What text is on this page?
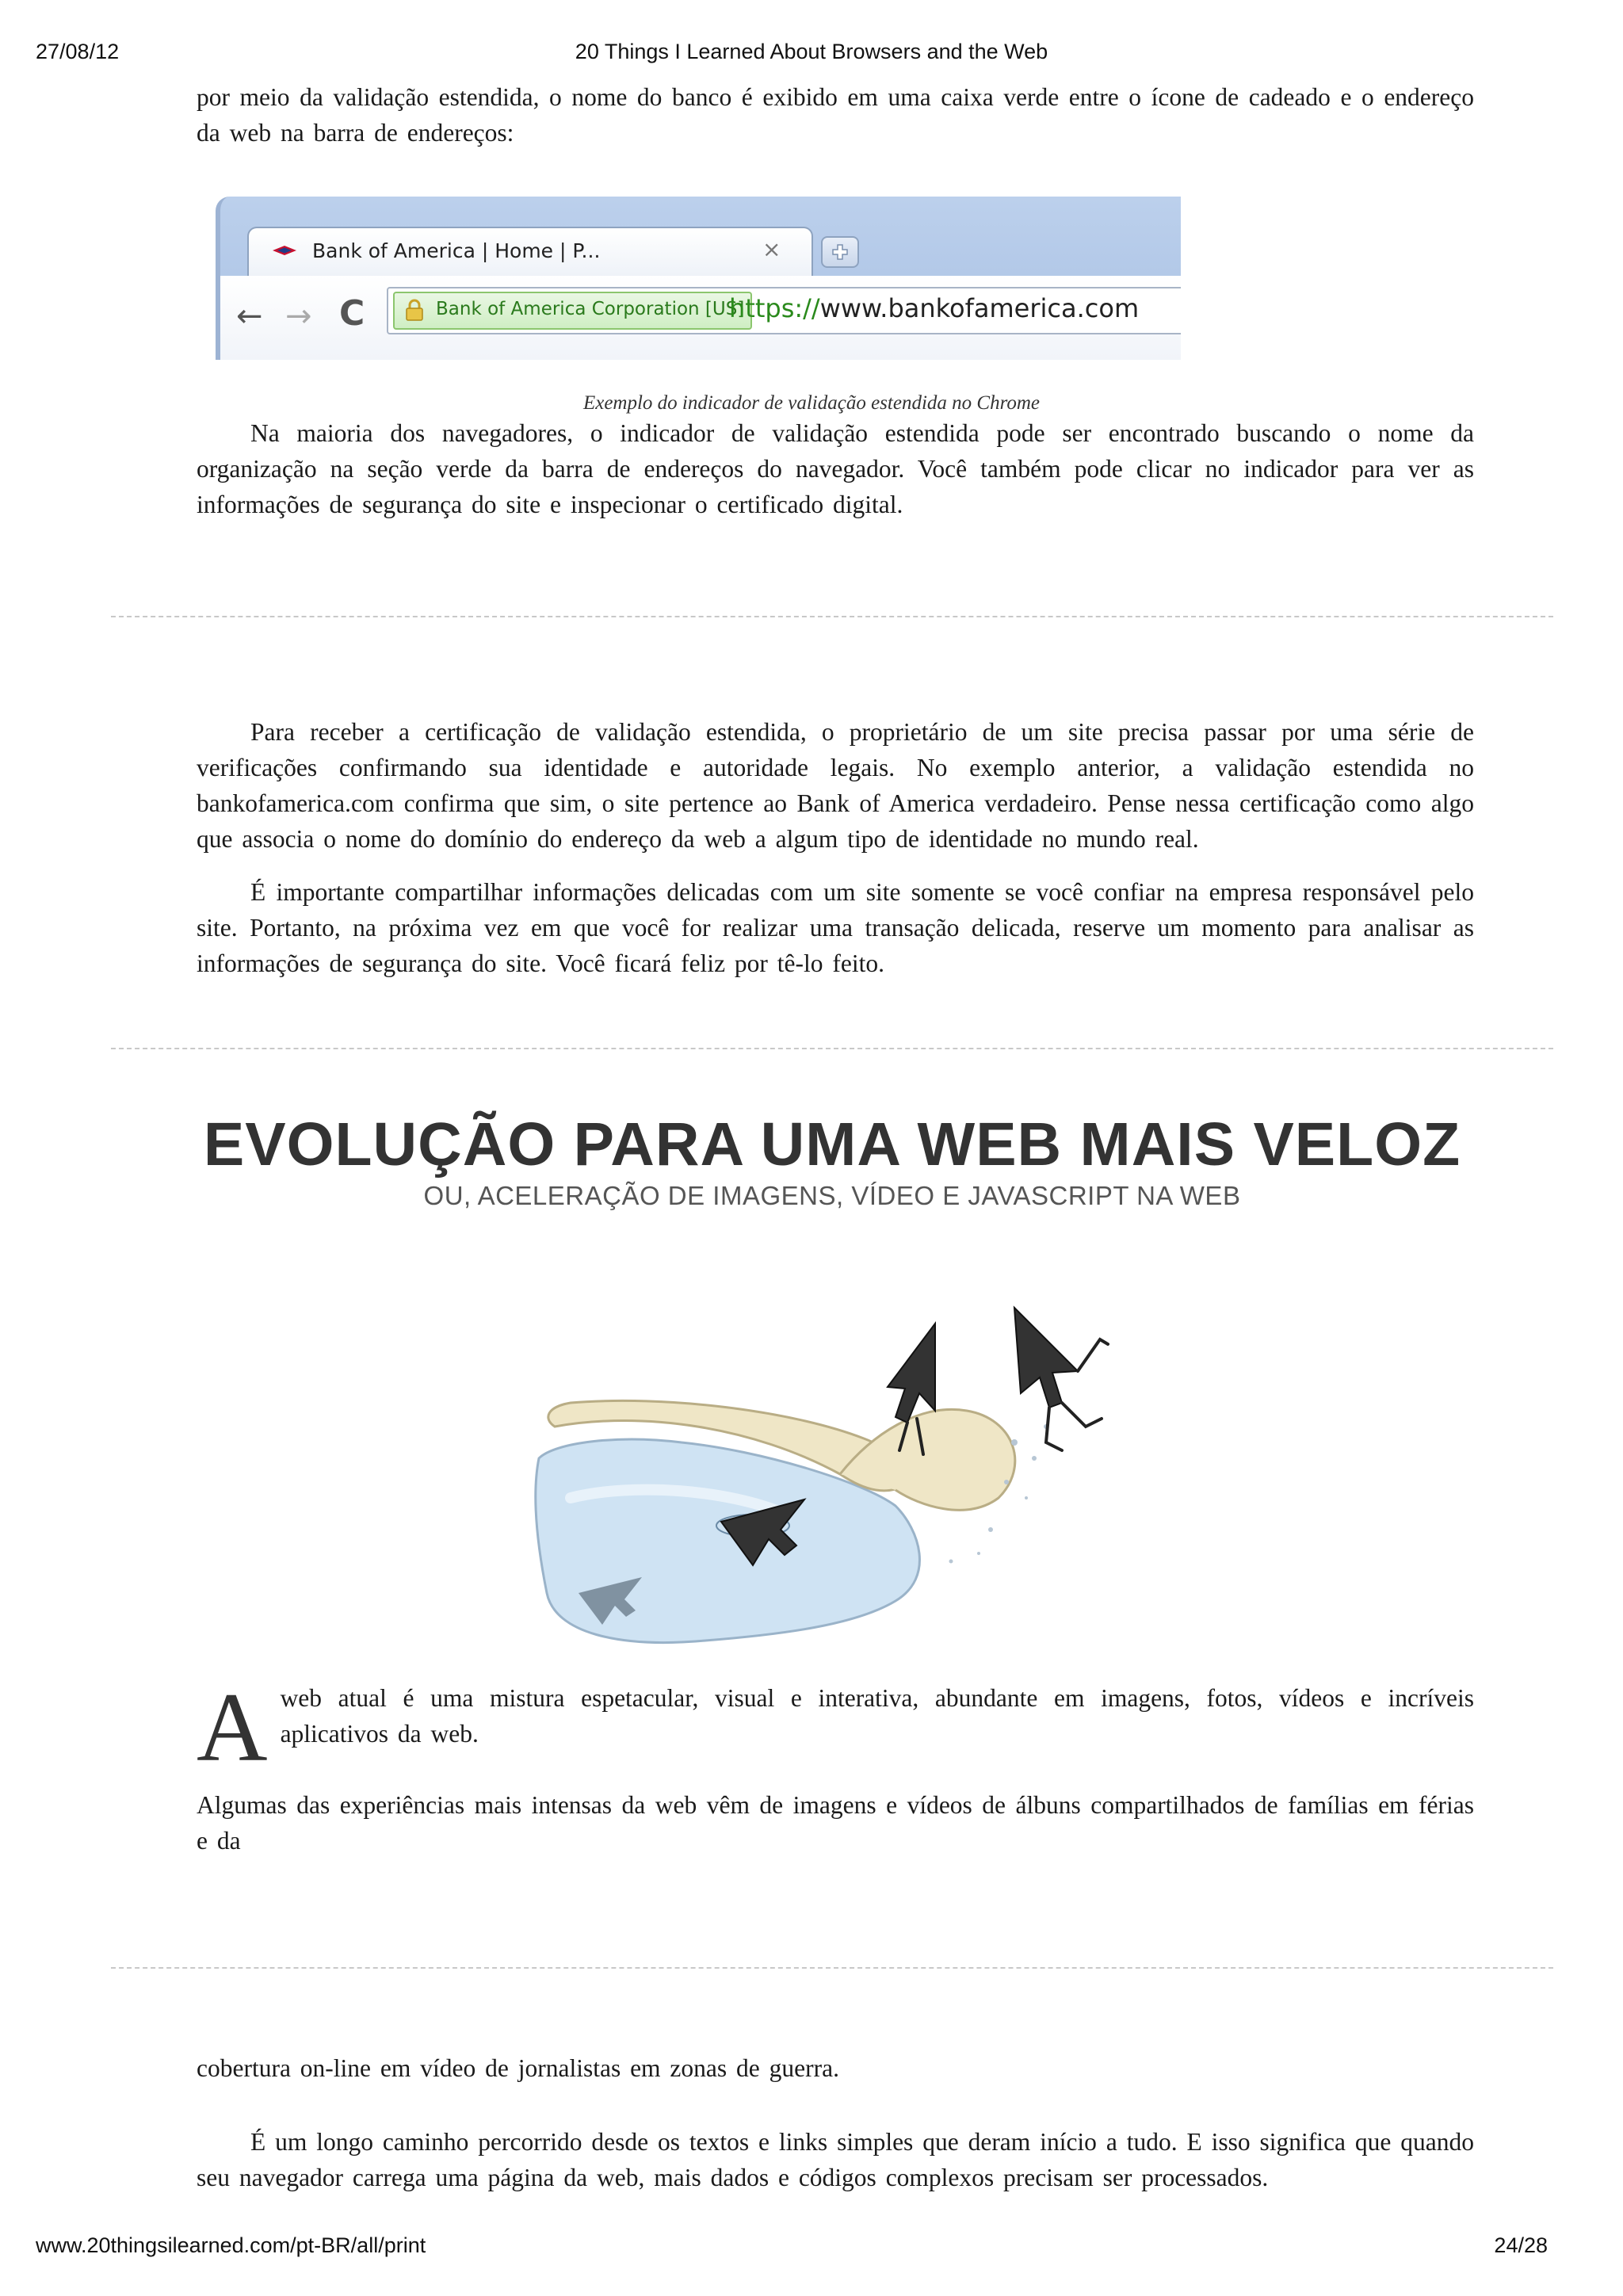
27/08/12	20 Things I Learned About Browsers and the Web

por meio da validação estendida, o nome do banco é exibido em uma caixa verde entre o ícone de cadeado e o endereço da web na barra de endereços:

Bank of America | Home | P...	×
← → C	Bank of America Corporation [US]
https://www.bankofamerica.com
Exemplo do indicador de validação estendida no Chrome

Na maioria dos navegadores, o indicador de validação estendida pode ser encontrado buscando o nome da organização na seção verde da barra de endereços do navegador. Você também pode clicar no indicador para ver as informações de segurança do site e inspecionar o certificado digital.

Para receber a certificação de validação estendida, o proprietário de um site precisa passar por uma série de verificações confirmando sua identidade e autoridade legais. No exemplo anterior, a validação estendida no bankofamerica.com confirma que sim, o site pertence ao Bank of America verdadeiro. Pense nessa certificação como algo que associa o nome do domínio do endereço da web a algum tipo de identidade no mundo real.

É importante compartilhar informações delicadas com um site somente se você confiar na empresa responsável pelo site. Portanto, na próxima vez em que você for realizar uma transação delicada, reserve um momento para analisar as informações de segurança do site. Você ficará feliz por tê-lo feito.

EVOLUÇÃO PARA UMA WEB MAIS VELOZ
OU, ACELERAÇÃO DE IMAGENS, VÍDEO E JAVASCRIPT NA WEB

Aweb atual é uma mistura espetacular, visual e interativa, abundante em imagens, fotos, vídeos e incríveis aplicativos da web.

Algumas das experiências mais intensas da web vêm de imagens e vídeos de álbuns compartilhados de famílias em férias e da

cobertura on-line em vídeo de jornalistas em zonas de guerra.

É um longo caminho percorrido desde os textos e links simples que deram início a tudo. E isso significa que quando seu navegador carrega uma página da web, mais dados e códigos complexos precisam ser processados.

www.20thingsilearned.com/pt-BR/all/print	24/28
